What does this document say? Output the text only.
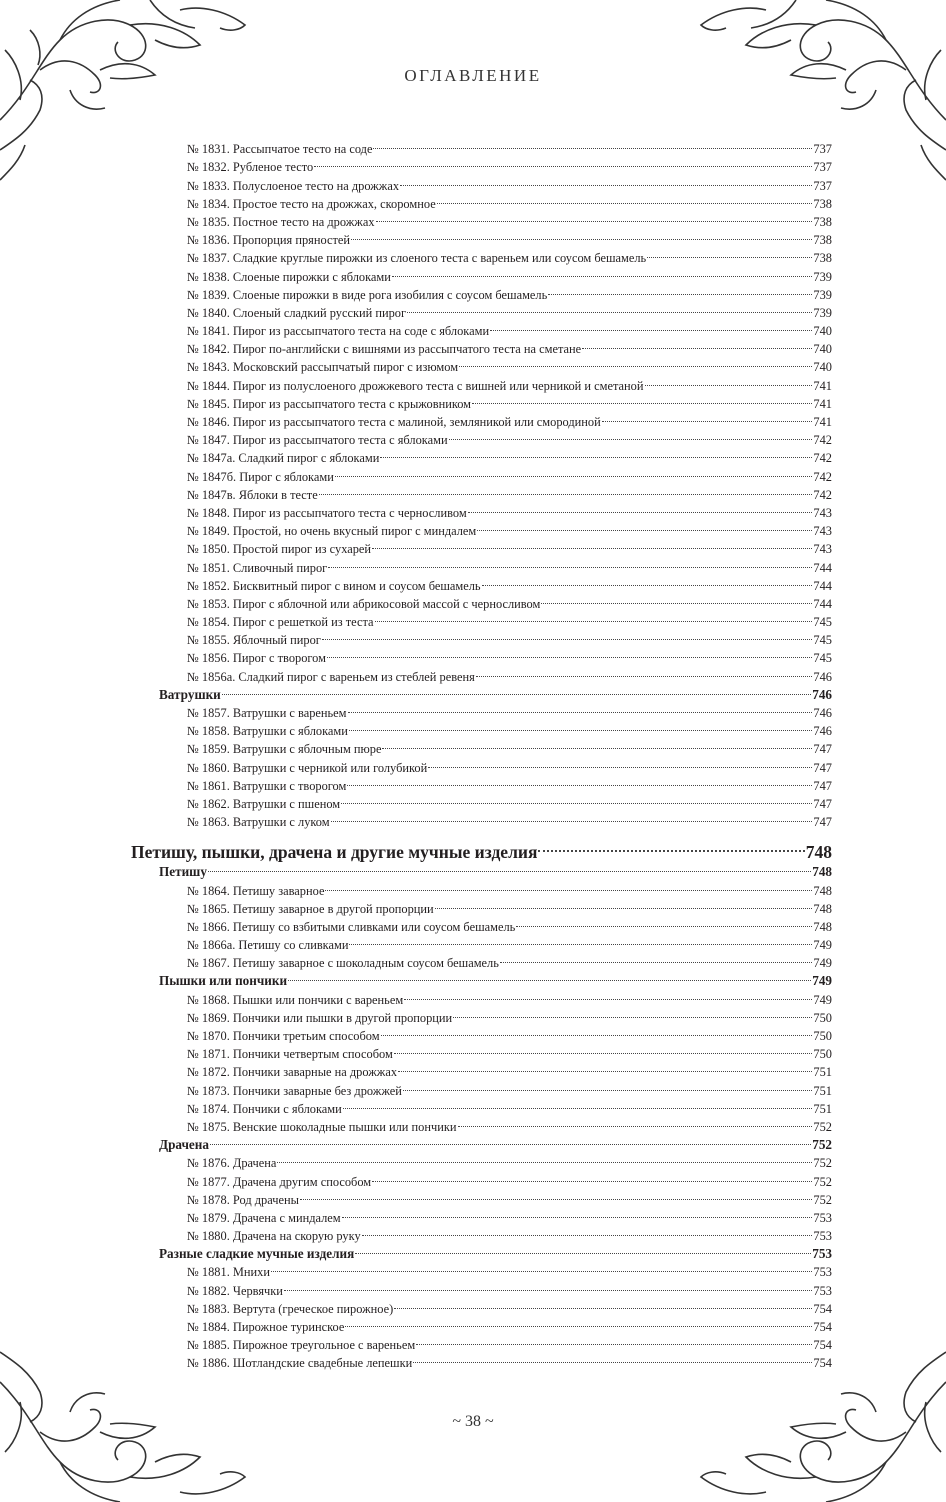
ОГЛАВЛЕНИЕ
№ 1831. Рассыпчатое тесто на соде	737
№ 1832. Рубленое тесто	737
№ 1833. Полуслоеное тесто на дрожжах	737
№ 1834. Простое тесто на дрожжах, скоромное	738
№ 1835. Постное тесто на дрожжах	738
№ 1836. Пропорция пряностей	738
№ 1837. Сладкие круглые пирожки из слоеного теста с вареньем или соусом бешамель	738
№ 1838. Слоеные пирожки с яблоками	739
№ 1839. Слоеные пирожки в виде рога изобилия с соусом бешамель	739
№ 1840. Слоеный сладкий русский пирог	739
№ 1841. Пирог из рассыпчатого теста на соде с яблоками	740
№ 1842. Пирог по-английски с вишнями из рассыпчатого теста на сметане	740
№ 1843. Московский рассыпчатый пирог с изюмом	740
№ 1844. Пирог из полуслоеного дрожжевого теста с вишней или черникой и сметаной	741
№ 1845. Пирог из рассыпчатого теста с крыжовником	741
№ 1846. Пирог из рассыпчатого теста с малиной, земляникой или смородиной	741
№ 1847. Пирог из рассыпчатого теста с яблоками	742
№ 1847а. Сладкий пирог с яблоками	742
№ 1847б. Пирог с яблоками	742
№ 1847в. Яблоки в тесте	742
№ 1848. Пирог из рассыпчатого теста с черносливом	743
№ 1849. Простой, но очень вкусный пирог с миндалем	743
№ 1850. Простой пирог из сухарей	743
№ 1851. Сливочный пирог	744
№ 1852. Бисквитный пирог с вином и соусом бешамель	744
№ 1853. Пирог с яблочной или абрикосовой массой с черносливом	744
№ 1854. Пирог с решеткой из теста	745
№ 1855. Яблочный пирог	745
№ 1856. Пирог с творогом	745
№ 1856а. Сладкий пирог с вареньем из стеблей ревеня	746
Ватрушки	746
№ 1857. Ватрушки с вареньем	746
№ 1858. Ватрушки с яблоками	746
№ 1859. Ватрушки с яблочным пюре	747
№ 1860. Ватрушки с черникой или голубикой	747
№ 1861. Ватрушки с творогом	747
№ 1862. Ватрушки с пшеном	747
№ 1863. Ватрушки с луком	747
Петишу, пышки, драчена и другие мучные изделия	748
Петишу	748
№ 1864. Петишу заварное	748
№ 1865. Петишу заварное в другой пропорции	748
№ 1866. Петишу со взбитыми сливками или соусом бешамель	748
№ 1866а. Петишу со сливками	749
№ 1867. Петишу заварное с шоколадным соусом бешамель	749
Пышки или пончики	749
№ 1868. Пышки или пончики с вареньем	749
№ 1869. Пончики или пышки в другой пропорции	750
№ 1870. Пончики третьим способом	750
№ 1871. Пончики четвертым способом	750
№ 1872. Пончики заварные на дрожжах	751
№ 1873. Пончики заварные без дрожжей	751
№ 1874. Пончики с яблоками	751
№ 1875. Венские шоколадные пышки или пончики	752
Драчена	752
№ 1876. Драчена	752
№ 1877. Драчена другим способом	752
№ 1878. Род драчены	752
№ 1879. Драчена с миндалем	753
№ 1880. Драчена на скорую руку	753
Разные сладкие мучные изделия	753
№ 1881. Мнихи	753
№ 1882. Червячки	753
№ 1883. Вертута (греческое пирожное)	754
№ 1884. Пирожное туринское	754
№ 1885. Пирожное треугольное с вареньем	754
№ 1886. Шотландские свадебные лепешки	754
~ 38 ~
